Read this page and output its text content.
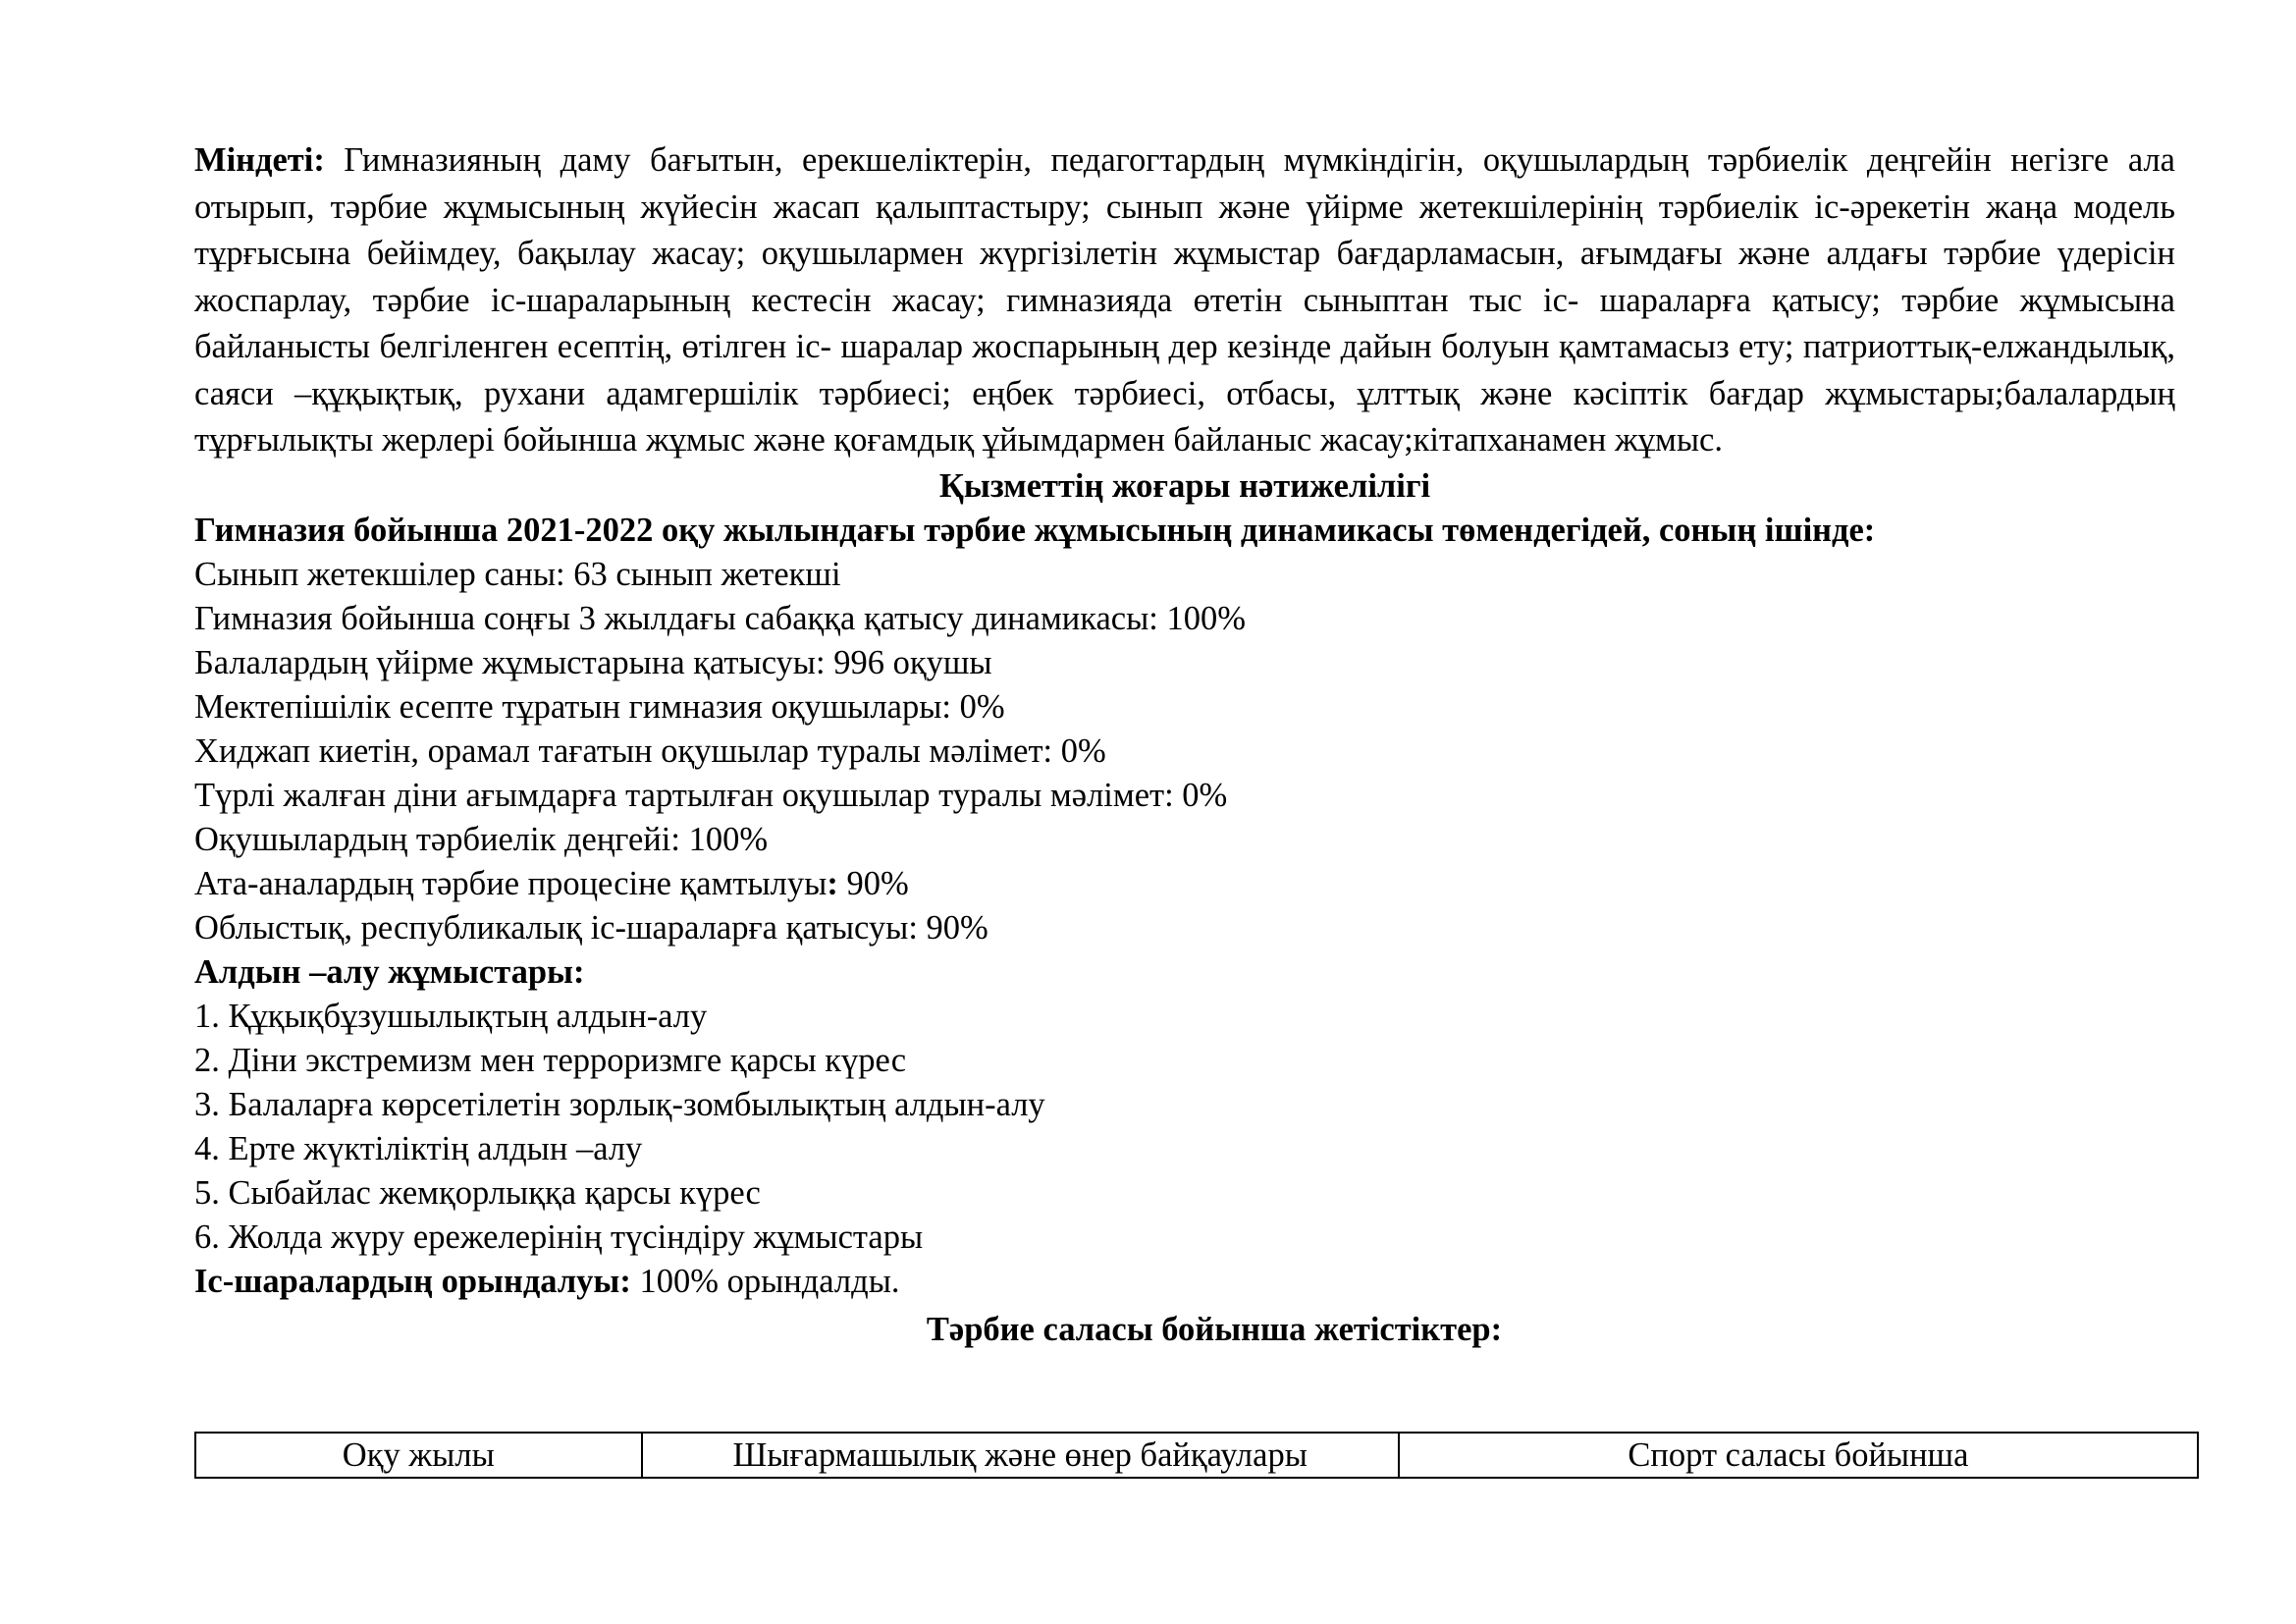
Міндеті: Гимназияның даму бағытын, ерекшеліктерін, педагогтардың мүмкіндігін, оқушылардың тәрбиелік деңгейін негізге ала отырып, тәрбие жұмысының жүйесін жасап қалыптастыру; сынып және үйірме жетекшілерінің тәрбиелік іс-әрекетін жаңа модель тұрғысына бейімдеу, бақылау жасау; оқушылармен жүргізілетін жұмыстар бағдарламасын, ағымдағы және алдағы тәрбие үдерісін жоспарлау, тәрбие іс-шараларының кестесін жасау; гимназияда өтетін сыныптан тыс іс- шараларға қатысу; тәрбие жұмысына байланысты белгіленген есептің, өтілген іс- шаралар жоспарының дер кезінде дайын болуын қамтамасыз ету; патриоттық-елжандылық, саяси –құқықтық, рухани адамгершілік тәрбиесі; еңбек тәрбиесі, отбасы, ұлттық және кәсіптік бағдар жұмыстары;балалардың тұрғылықты жерлері бойынша жұмыс және қоғамдық ұйымдармен байланыс жасау;кітапханамен жұмыс.

Қызметтің жоғары нәтижелілігі

Гимназия бойынша 2021-2022 оқу жылындағы тәрбие жұмысының динамикасы төмендегідей, соның ішінде:

Сынып жетекшілер саны: 63 сынып жетекші

Гимназия бойынша соңғы 3 жылдағы сабаққа қатысу динамикасы: 100%

Балалардың үйірме жұмыстарына қатысуы: 996 оқушы

Мектепішілік есепте тұратын гимназия оқушылары: 0%

Хиджап киетін, орамал тағатын оқушылар туралы мәлімет: 0%

Түрлі жалған діни ағымдарға тартылған оқушылар туралы мәлімет: 0%

Оқушылардың тәрбиелік деңгейі: 100%

Ата-аналардың тәрбие процесіне қамтылуы: 90%

Облыстық, республикалық іс-шараларға қатысуы: 90%

Алдын –алу жұмыстары:

1. Құқықбұзушылықтың алдын-алу

2. Діни экстремизм мен терроризмге қарсы күрес

3. Балаларға көрсетілетін зорлық-зомбылықтың алдын-алу

4. Ерте жүктіліктің алдын –алу

5. Сыбайлас жемқорлыққа қарсы күрес

6. Жолда жүру ережелерінің түсіндіру жұмыстары

Іс-шаралардың орындалуы: 100% орындалды.

Тәрбие саласы бойынша жетістіктер:

Оқу жылы	Шығармашылық және өнер байқаулары	Спорт саласы бойынша
